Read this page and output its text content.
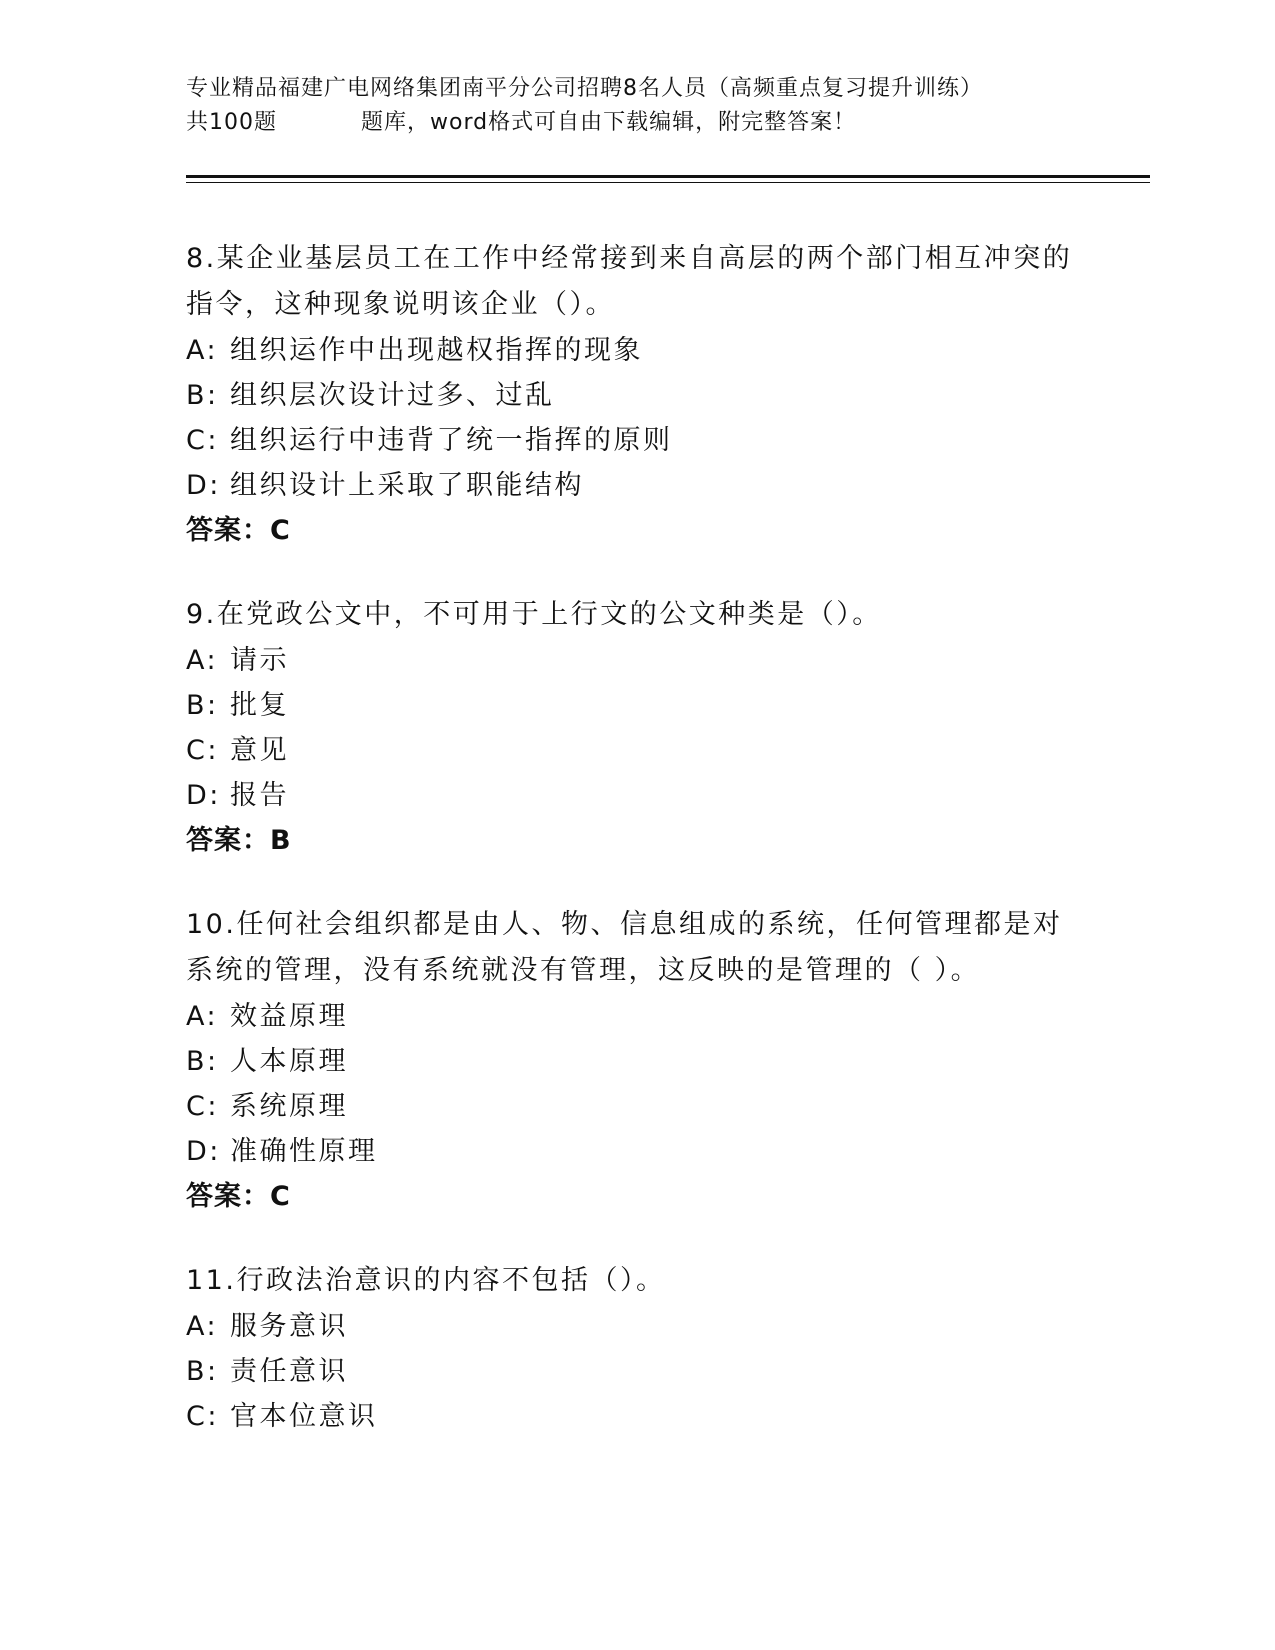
专业精品福建广电网络集团南平分公司招聘8名人员（高频重点复习提升训练）
共100题	题库，word格式可自由下载编辑，附完整答案！

8.某企业基层员工在工作中经常接到来自高层的两个部门相互冲突的指令，这种现象说明该企业（）。

A: 组织运作中出现越权指挥的现象
B: 组织层次设计过多、过乱
C: 组织运行中违背了统一指挥的原则
D: 组织设计上采取了职能结构

答案：C

9.在党政公文中，不可用于上行文的公文种类是（）。

A: 请示
B: 批复
C: 意见
D: 报告

答案：B

10.任何社会组织都是由人、物、信息组成的系统，任何管理都是对系统的管理，没有系统就没有管理，这反映的是管理的（ ）。

A: 效益原理
B: 人本原理
C: 系统原理
D: 准确性原理

答案：C

11.行政法治意识的内容不包括（）。

A: 服务意识
B: 责任意识
C: 官本位意识
